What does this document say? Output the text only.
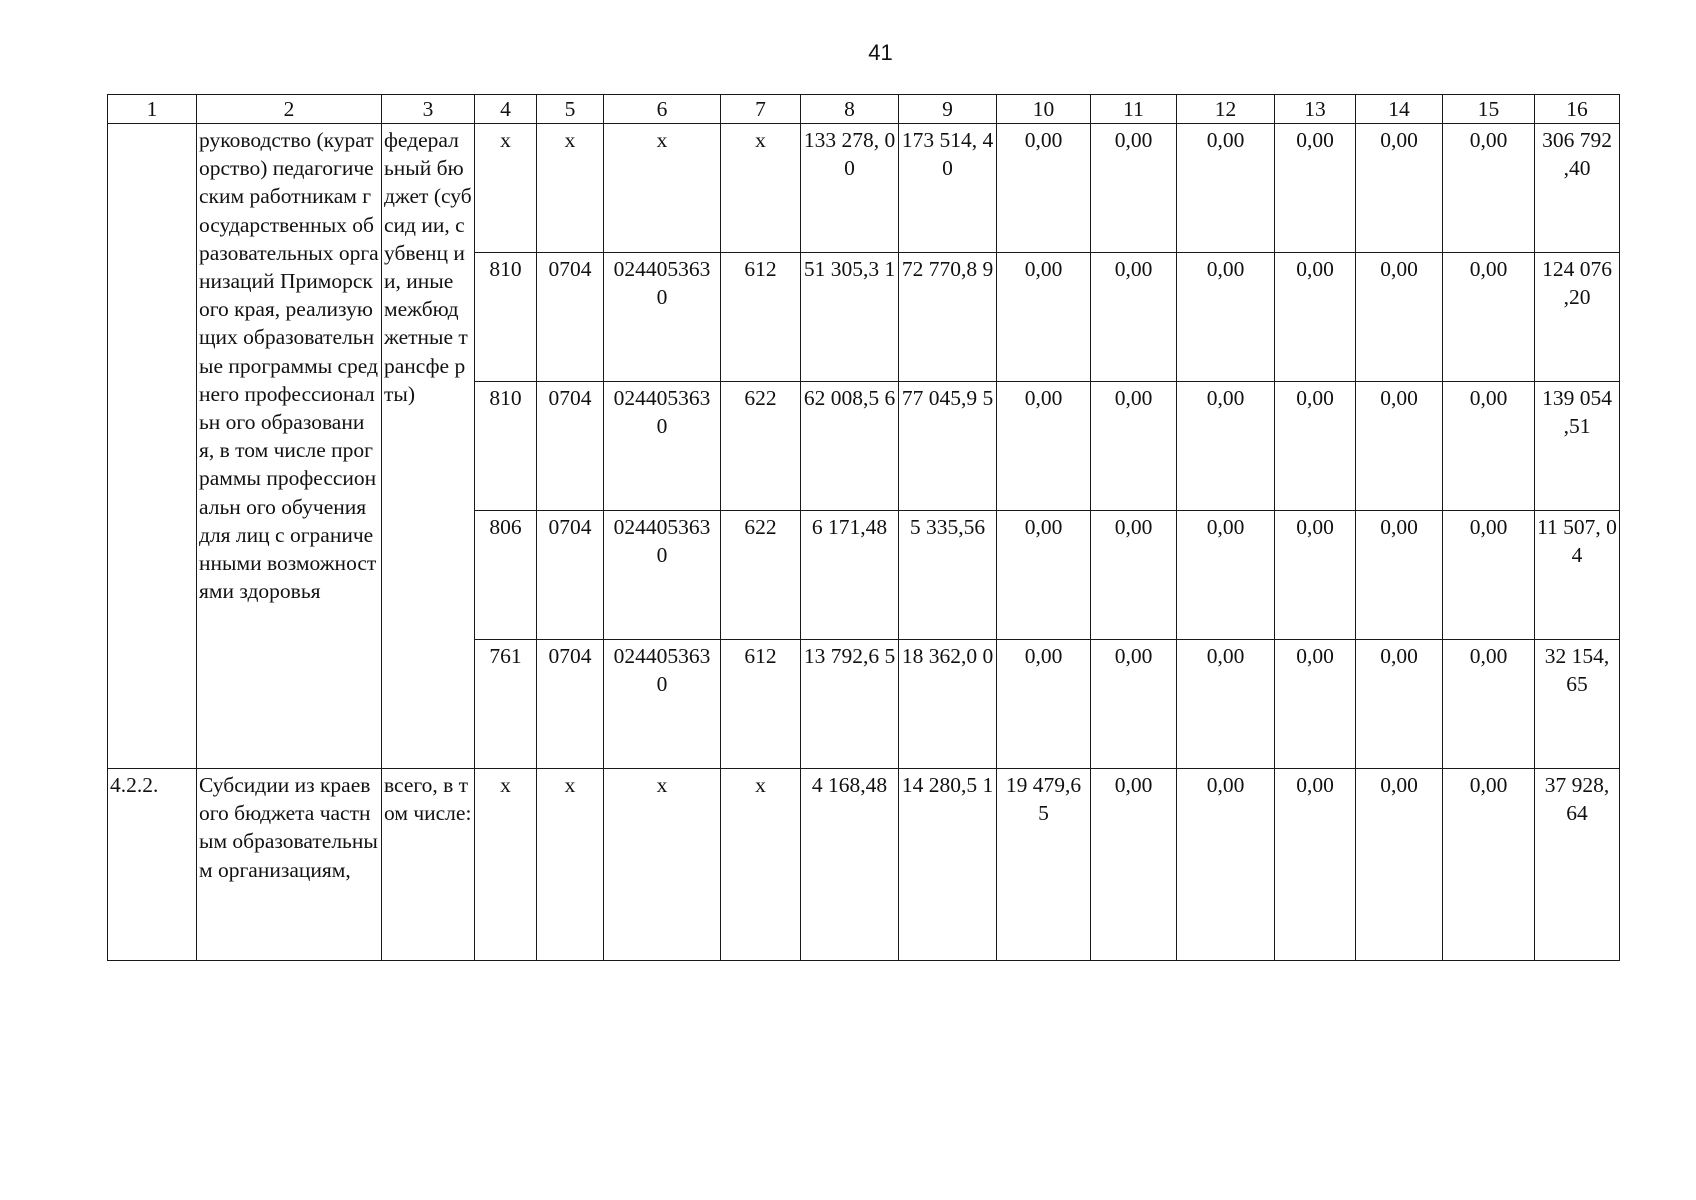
41
1	2	3	4	5	6	7	8	9	10	11	12	13	14	15	16
	руководство (кураторство) педагогическим работникам государственных образовательных организаций Приморского края, реализующих образовательные программы среднего профессиональн ого образования, в том числе программы профессиональн ого обучения для лиц с ограниченными возможностями здоровья	федерал ьный бюджет (субсид ии, субвенц ии, иные межбюд жетные трансфе рты)	х	х	х	х	133 278, 00	173 514, 40	0,00	0,00	0,00	0,00	0,00	0,00	306 792 ,40
			810	0704	024405363 0	612	51 305,3 1	72 770,8 9	0,00	0,00	0,00	0,00	0,00	0,00	124 076 ,20
			810	0704	024405363 0	622	62 008,5 6	77 045,9 5	0,00	0,00	0,00	0,00	0,00	0,00	139 054 ,51
			806	0704	024405363 0	622	6 171,48	5 335,56	0,00	0,00	0,00	0,00	0,00	0,00	11 507, 04
			761	0704	024405363 0	612	13 792,6 5	18 362,0 0	0,00	0,00	0,00	0,00	0,00	0,00	32 154, 65
4.2.2.	Субсидии из краевого бюджета частным образовательны м организациям,	всего, в том числе:	х	х	х	х	4 168,48	14 280,5 1	19 479,6 5	0,00	0,00	0,00	0,00	0,00	37 928, 64
